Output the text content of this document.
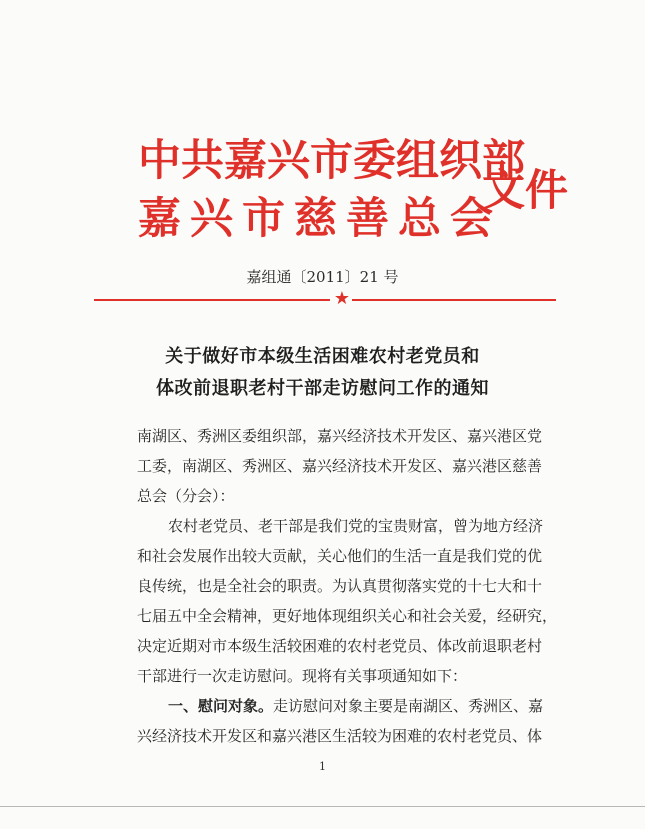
中共嘉兴市委组织部
嘉兴市慈善总会
文件
嘉组通〔2011〕21 号
★
关于做好市本级生活困难农村老党员和
体改前退职老村干部走访慰问工作的通知
南湖区、秀洲区委组织部，嘉兴经济技术开发区、嘉兴港区党
工委，南湖区、秀洲区、嘉兴经济技术开发区、嘉兴港区慈善
总会（分会）：
农村老党员、老干部是我们党的宝贵财富，曾为地方经济
和社会发展作出较大贡献，关心他们的生活一直是我们党的优
良传统，也是全社会的职责。为认真贯彻落实党的十七大和十
七届五中全会精神，更好地体现组织关心和社会关爱，经研究，
决定近期对市本级生活较困难的农村老党员、体改前退职老村
干部进行一次走访慰问。现将有关事项通知如下：
一、慰问对象。走访慰问对象主要是南湖区、秀洲区、嘉
兴经济技术开发区和嘉兴港区生活较为困难的农村老党员、体
1
